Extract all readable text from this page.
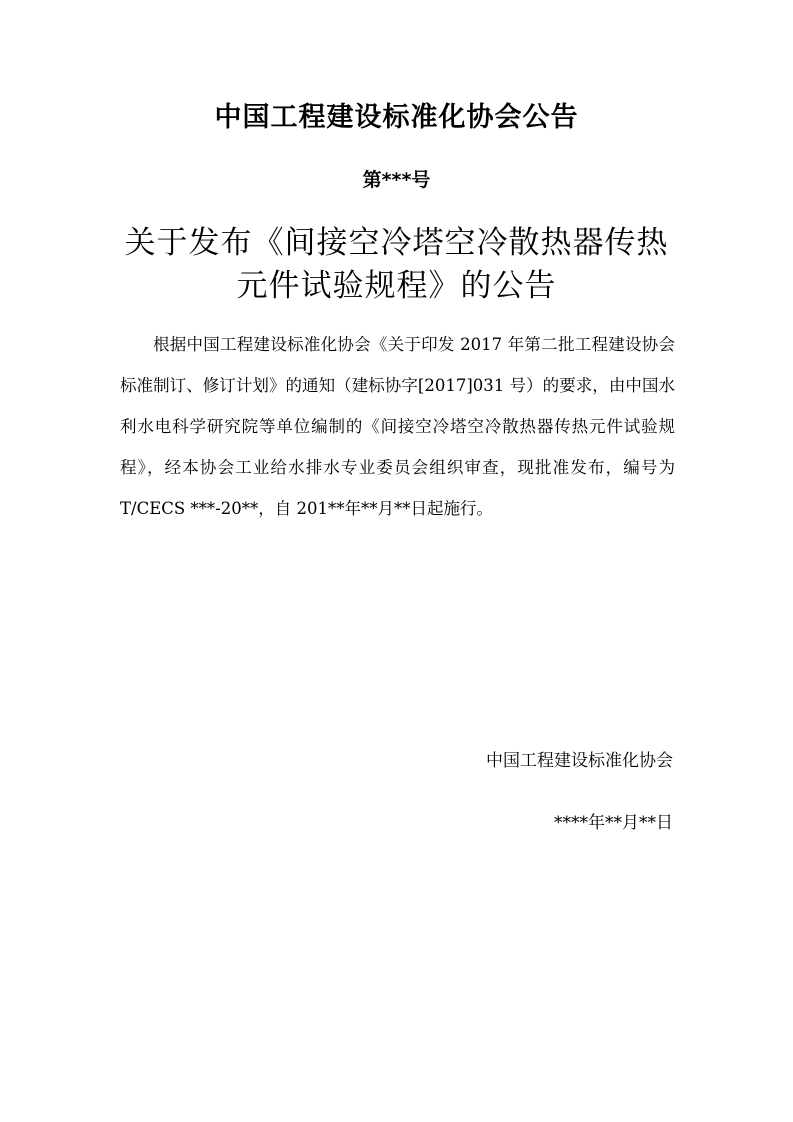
中国工程建设标准化协会公告
第***号
关于发布《间接空冷塔空冷散热器传热
元件试验规程》的公告

根据中国工程建设标准化协会《关于印发 2017 年第二批工程建设协会标准制订、修订计划》的通知（建标协字[2017]031 号）的要求，由中国水利水电科学研究院等单位编制的《间接空冷塔空冷散热器传热元件试验规程》，经本协会工业给水排水专业委员会组织审查，现批准发布，编号为 T/CECS ***-20**，自 201**年**月**日起施行。

中国工程建设标准化协会
****年**月**日
